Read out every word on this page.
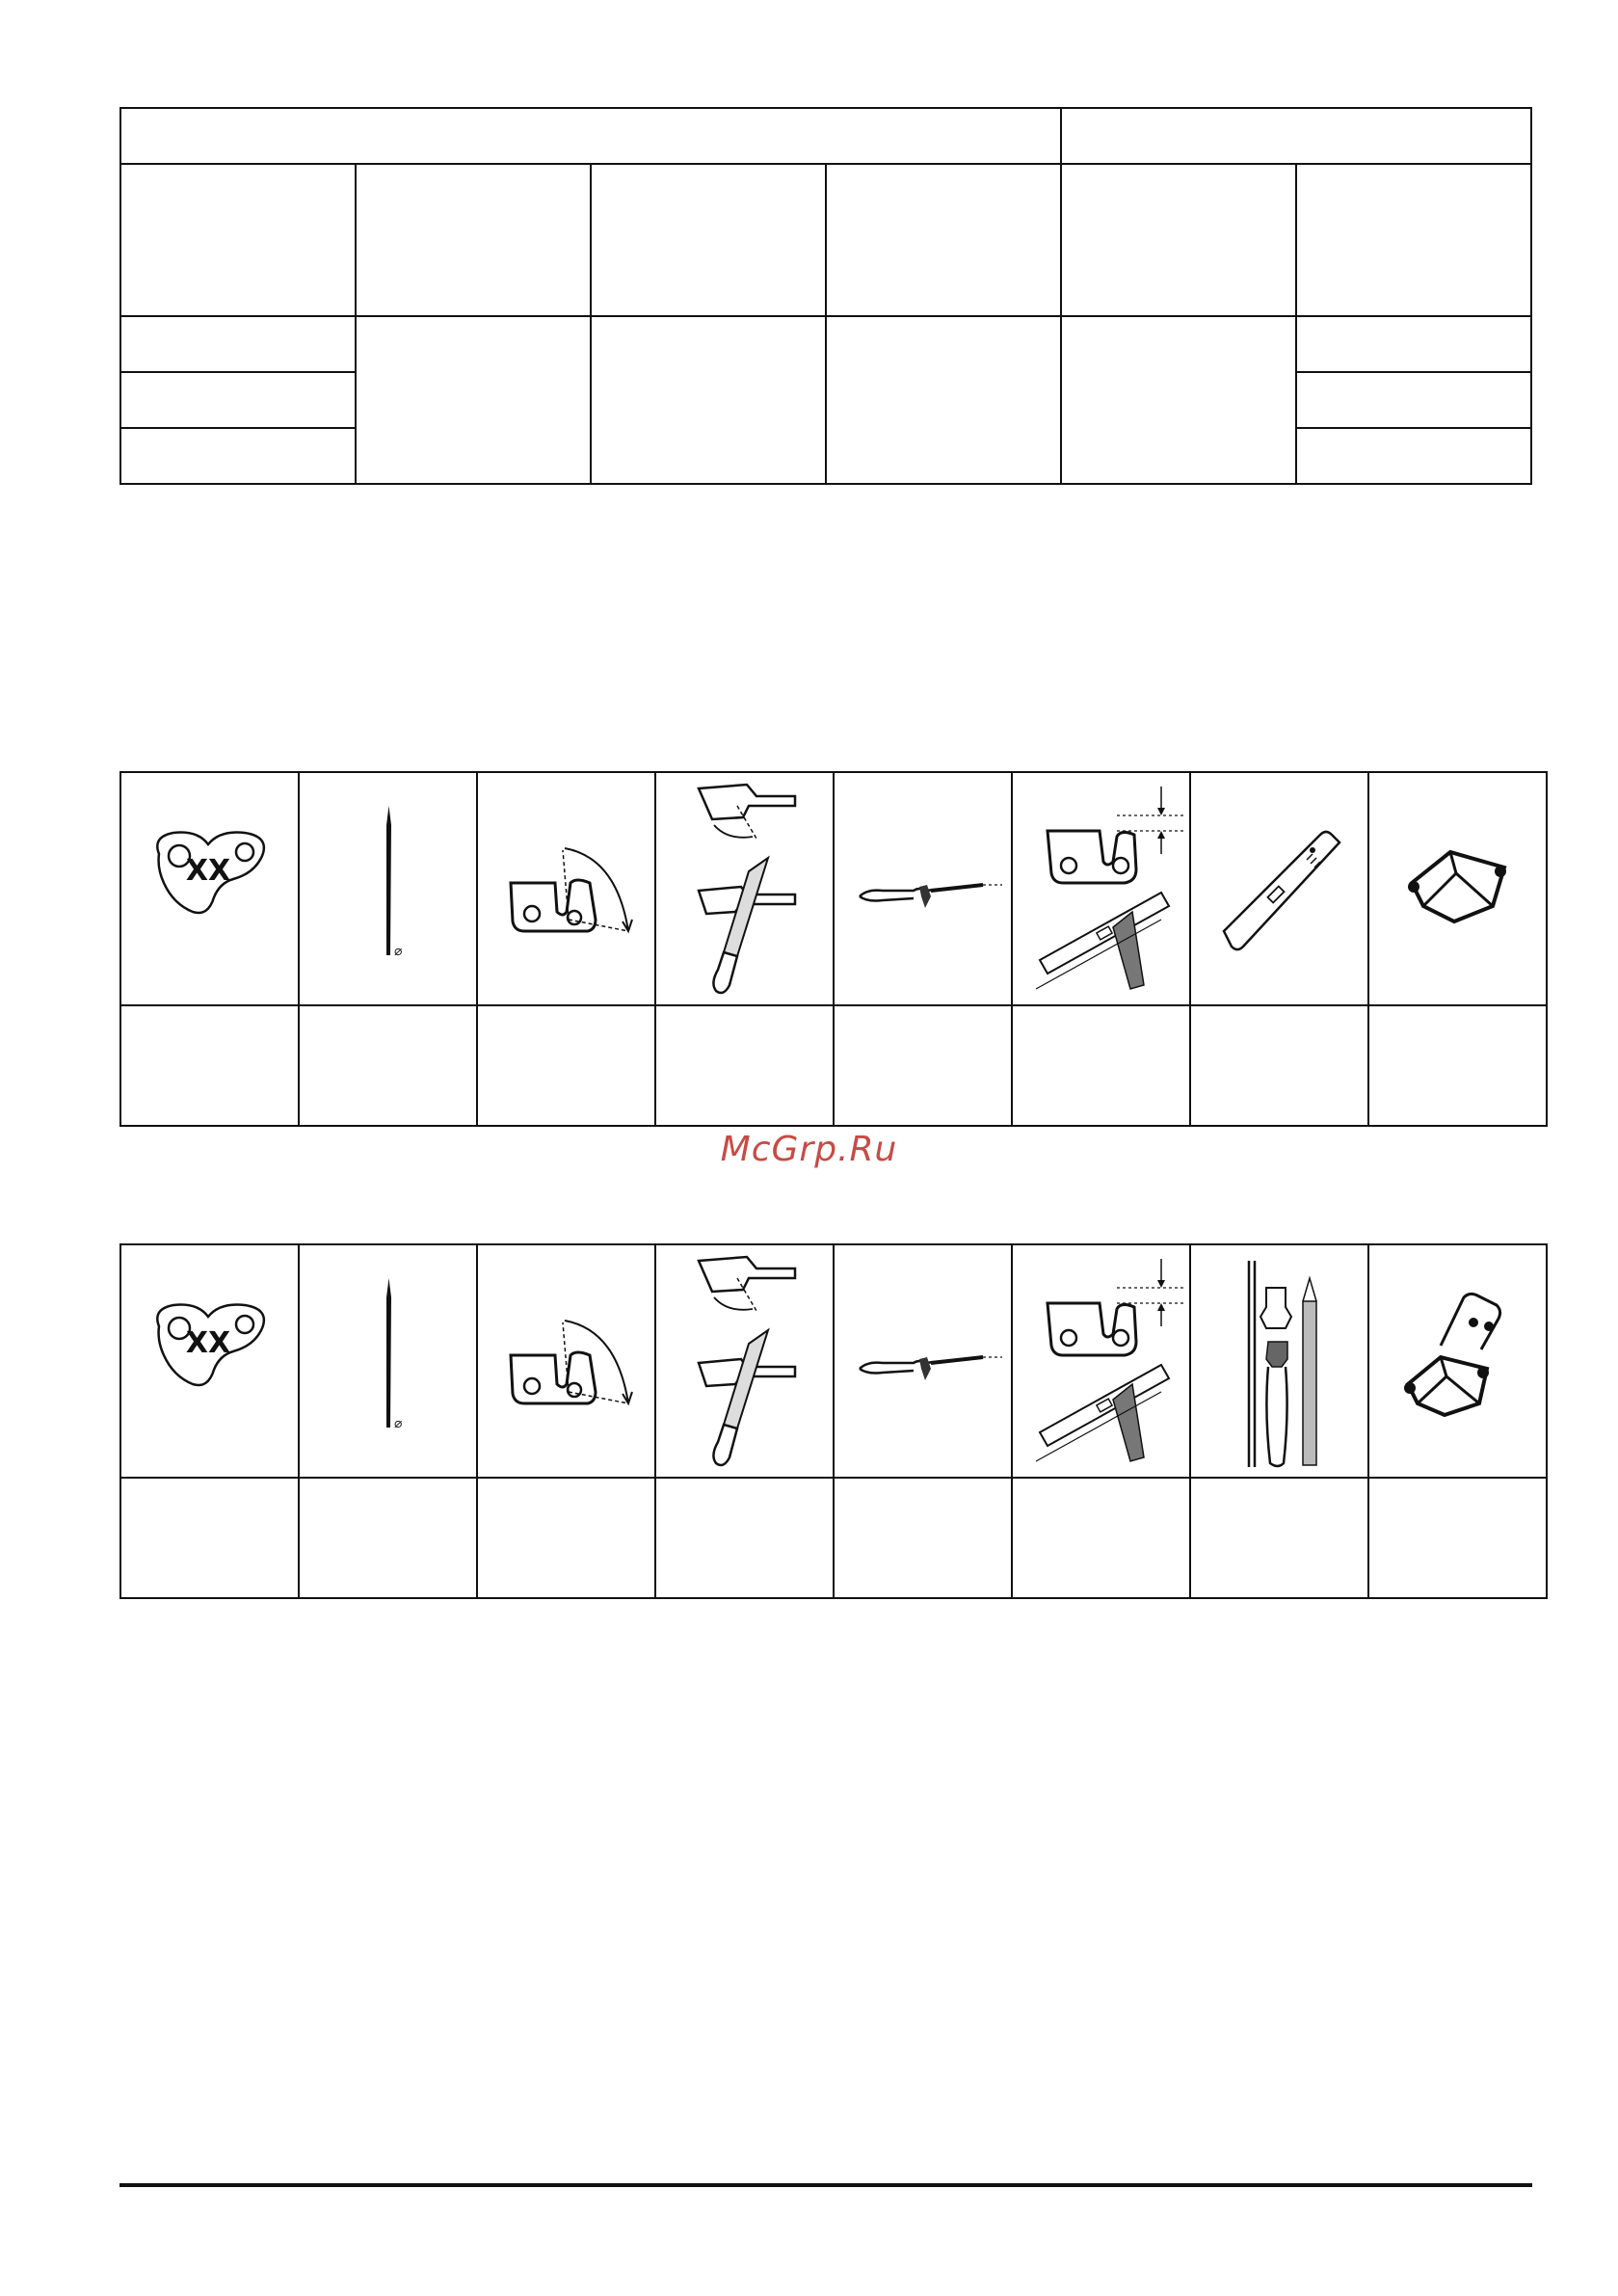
XX	⌀

McGrp.Ru
XX	⌀
